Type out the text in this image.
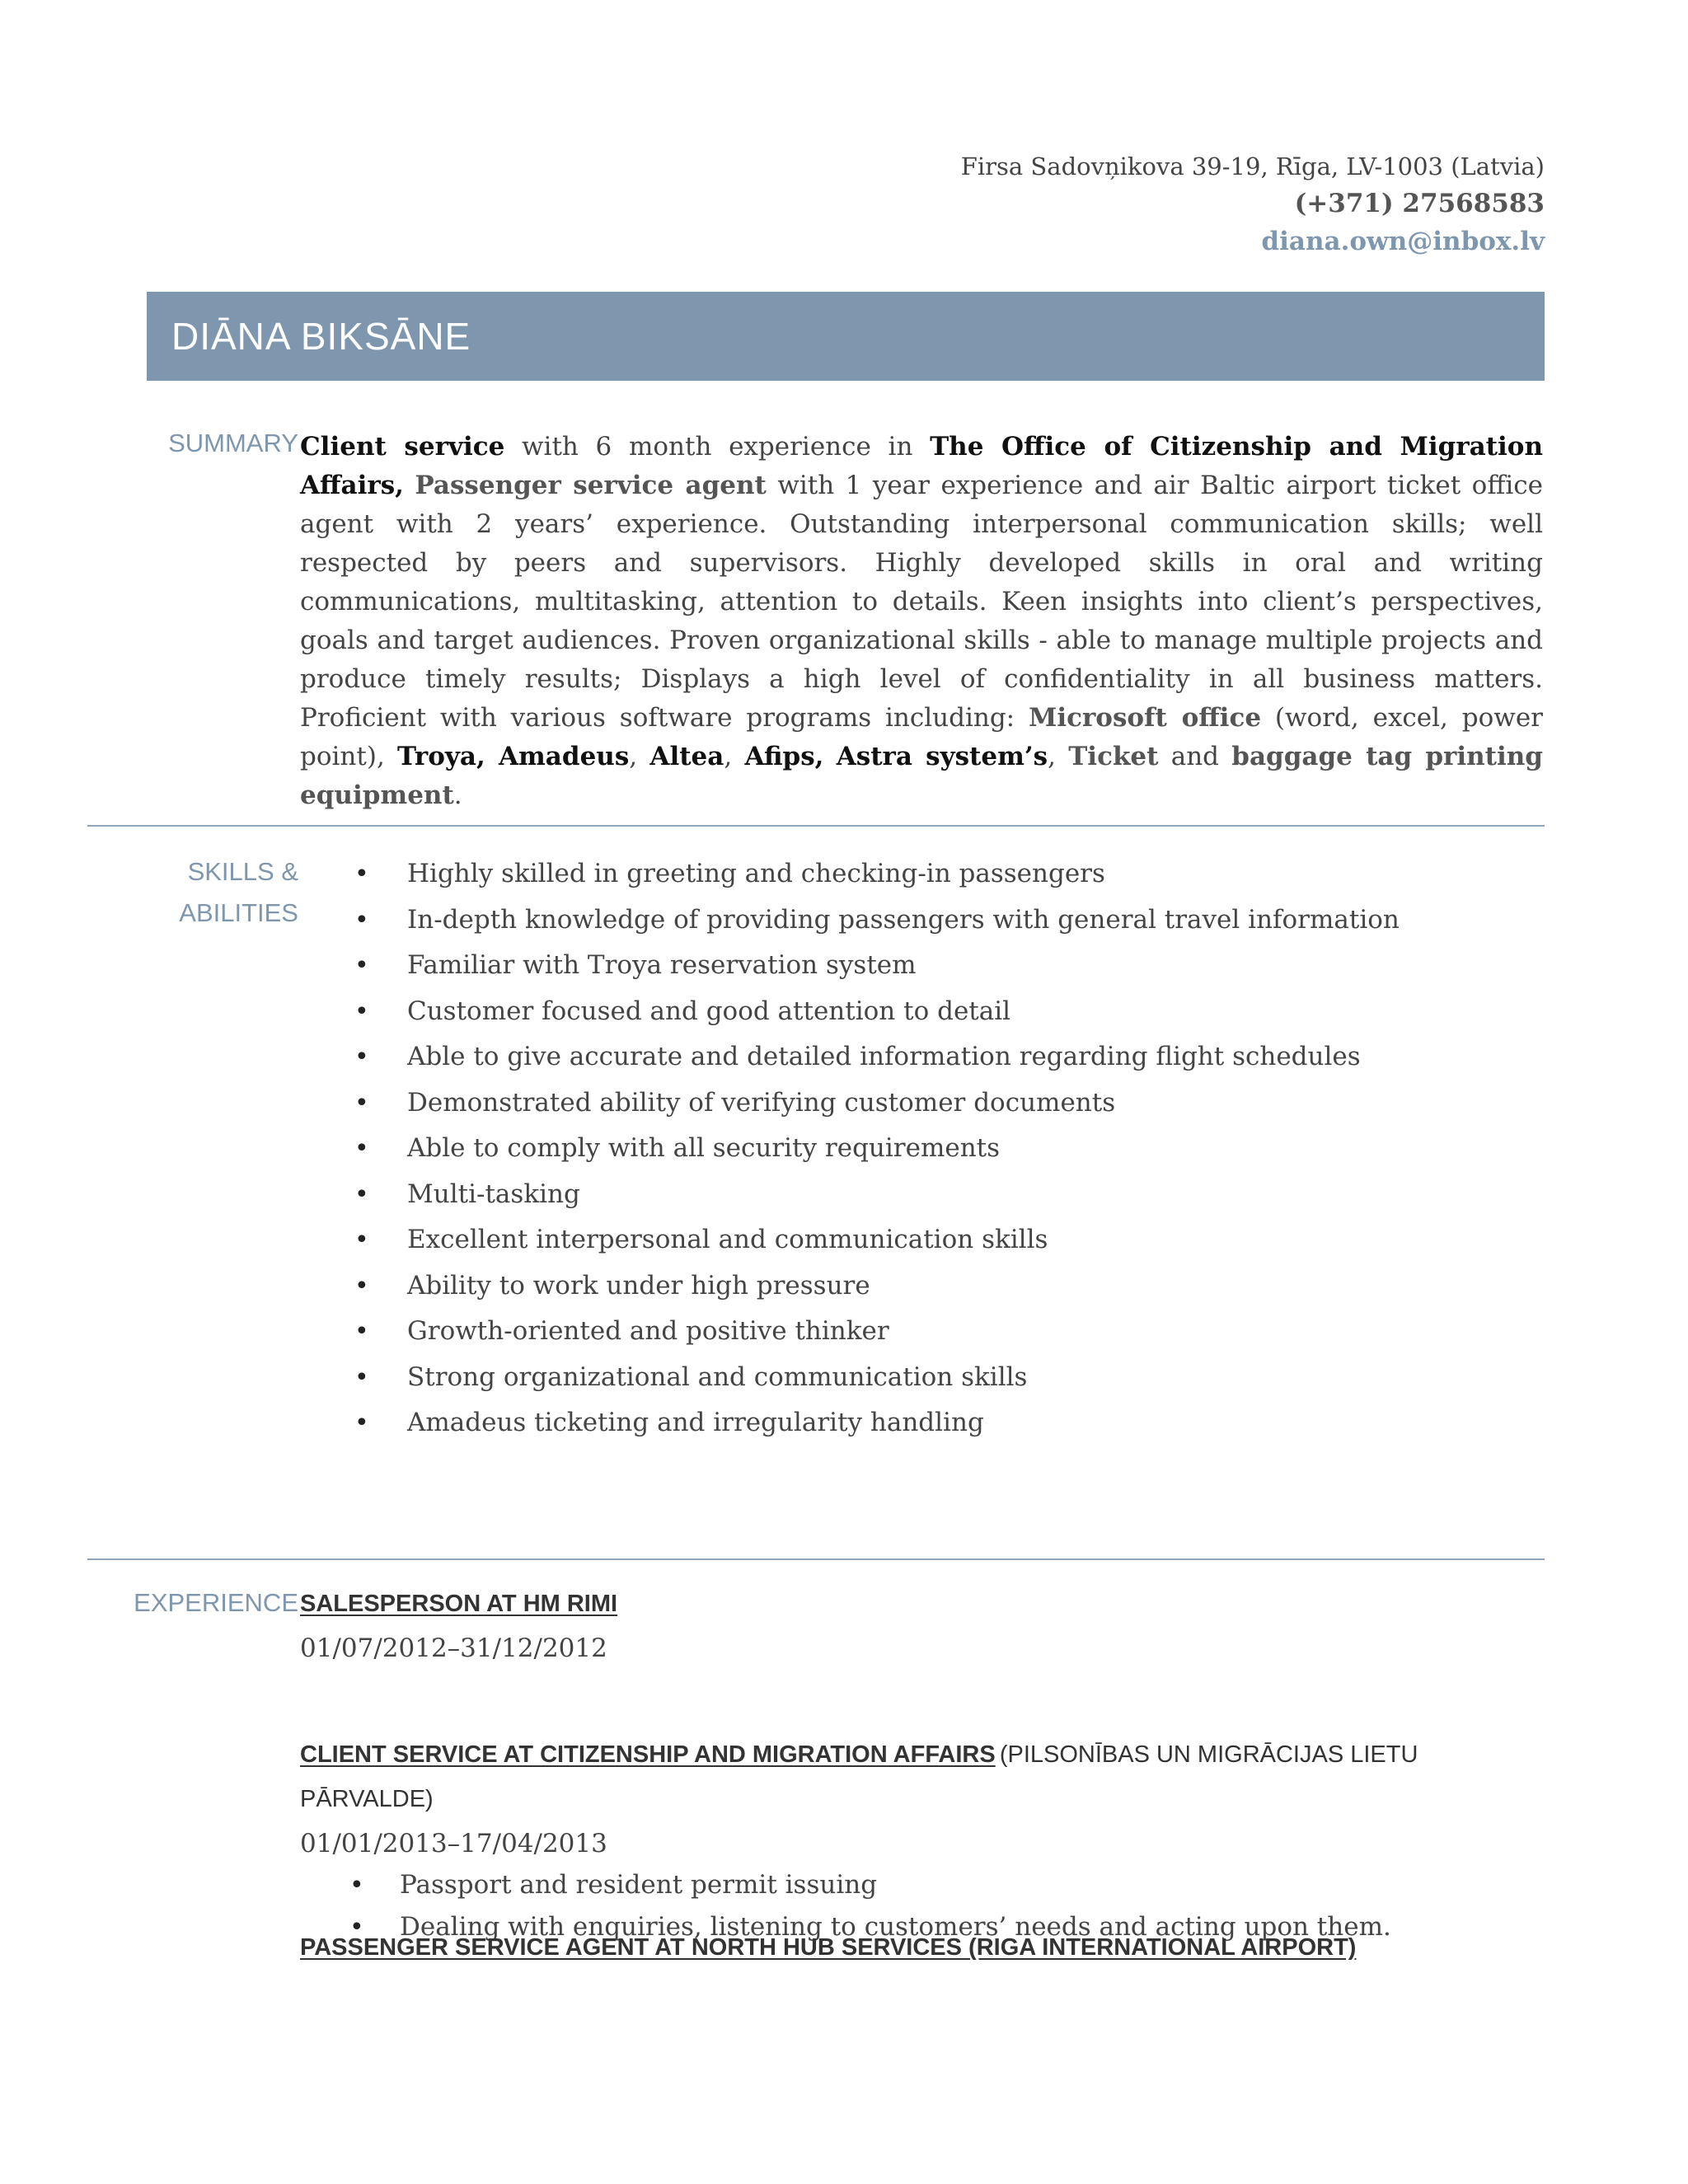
Firsa Sadovņikova 39-19, Rīga, LV-1003 (Latvia)
(+371) 27568583
diana.own@inbox.lv
DIĀNA BIKSĀNE
SUMMARY Client service with 6 month experience in The Office of Citizenship and Migration Affairs, Passenger service agent with 1 year experience and air Baltic airport ticket office agent with 2 years’ experience. Outstanding interpersonal communication skills; well respected by peers and supervisors. Highly developed skills in oral and writing communications, multitasking, attention to details. Keen insights into client’s perspectives, goals and target audiences. Proven organizational skills - able to manage multiple projects and produce timely results; Displays a high level of confidentiality in all business matters. Proficient with various software programs including: Microsoft office (word, excel, power point), Troya, Amadeus, Altea, Afips, Astra system’s, Ticket and baggage tag printing equipment.
SKILLS &
ABILITIES
• Highly skilled in greeting and checking-in passengers
• In-depth knowledge of providing passengers with general travel information
• Familiar with Troya reservation system
• Customer focused and good attention to detail
• Able to give accurate and detailed information regarding flight schedules
• Demonstrated ability of verifying customer documents
• Able to comply with all security requirements
• Multi-tasking
• Excellent interpersonal and communication skills
• Ability to work under high pressure
• Growth-oriented and positive thinker
• Strong organizational and communication skills
• Amadeus ticketing and irregularity handling
EXPERIENCE SALESPERSON AT HM RIMI
01/07/2012–31/12/2012
CLIENT SERVICE AT CITIZENSHIP AND MIGRATION AFFAIRS (PILSONĪBAS UN MIGRĀCIJAS LIETU PĀRVALDE)
01/01/2013–17/04/2013
• Passport and resident permit issuing
• Dealing with enquiries, listening to customers’ needs and acting upon them.
PASSENGER SERVICE AGENT AT NORTH HUB SERVICES (RIGA INTERNATIONAL AIRPORT)
